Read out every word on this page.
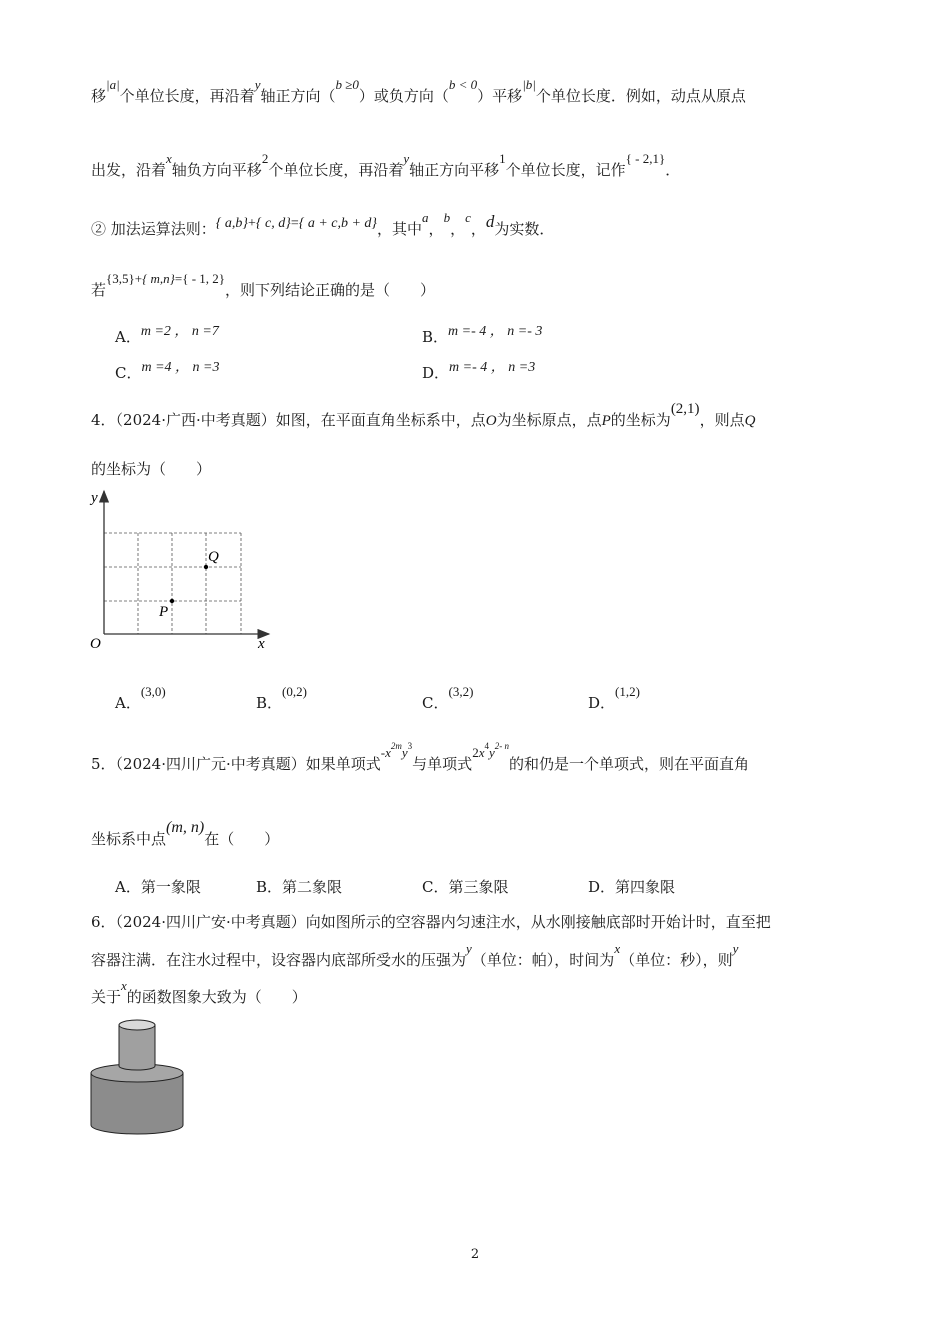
移|a|个单位长度，再沿着y轴正方向（b ≥0）或负方向（b < 0）平移|b|个单位长度．例如，动点从原点
出发，沿着x轴负方向平移2个单位长度，再沿着y轴正方向平移1个单位长度，记作{ - 2,1}．
② 加法运算法则：{ a,b}+{ c, d}={ a + c,b + d}，其中a，b，c，d为实数．
若{3,5}+{ m,n}={ - 1, 2}，则下列结论正确的是（　　）
A．m =2 ， n =7	B．m =- 4 ， n =- 3
C．m =4 ， n =3	D．m =- 4 ， n =3
4．（2024·广西·中考真题）如图，在平面直角坐标系中，点O为坐标原点，点P的坐标为(2,1)，则点Q
的坐标为（　　）
y
x
O
P
Q
A．(3,0)
B．(0,2)
C．(3,2)
D．(1,2)
5．（2024·四川广元·中考真题）如果单项式$-x^{2m}y^3$与单项式$2x^4y^{2- n}$的和仍是一个单项式，则在平面直角
坐标系中点(m, n)在（　　）
A．第一象限	B．第二象限	C．第三象限	D．第四象限
6．（2024·四川广安·中考真题）向如图所示的空容器内匀速注水，从水刚接触底部时开始计时，直至把
容器注满．在注水过程中，设容器内底部所受水的压强为y（单位：帕），时间为x（单位：秒），则y
关于x的函数图象大致为（　　）
2
